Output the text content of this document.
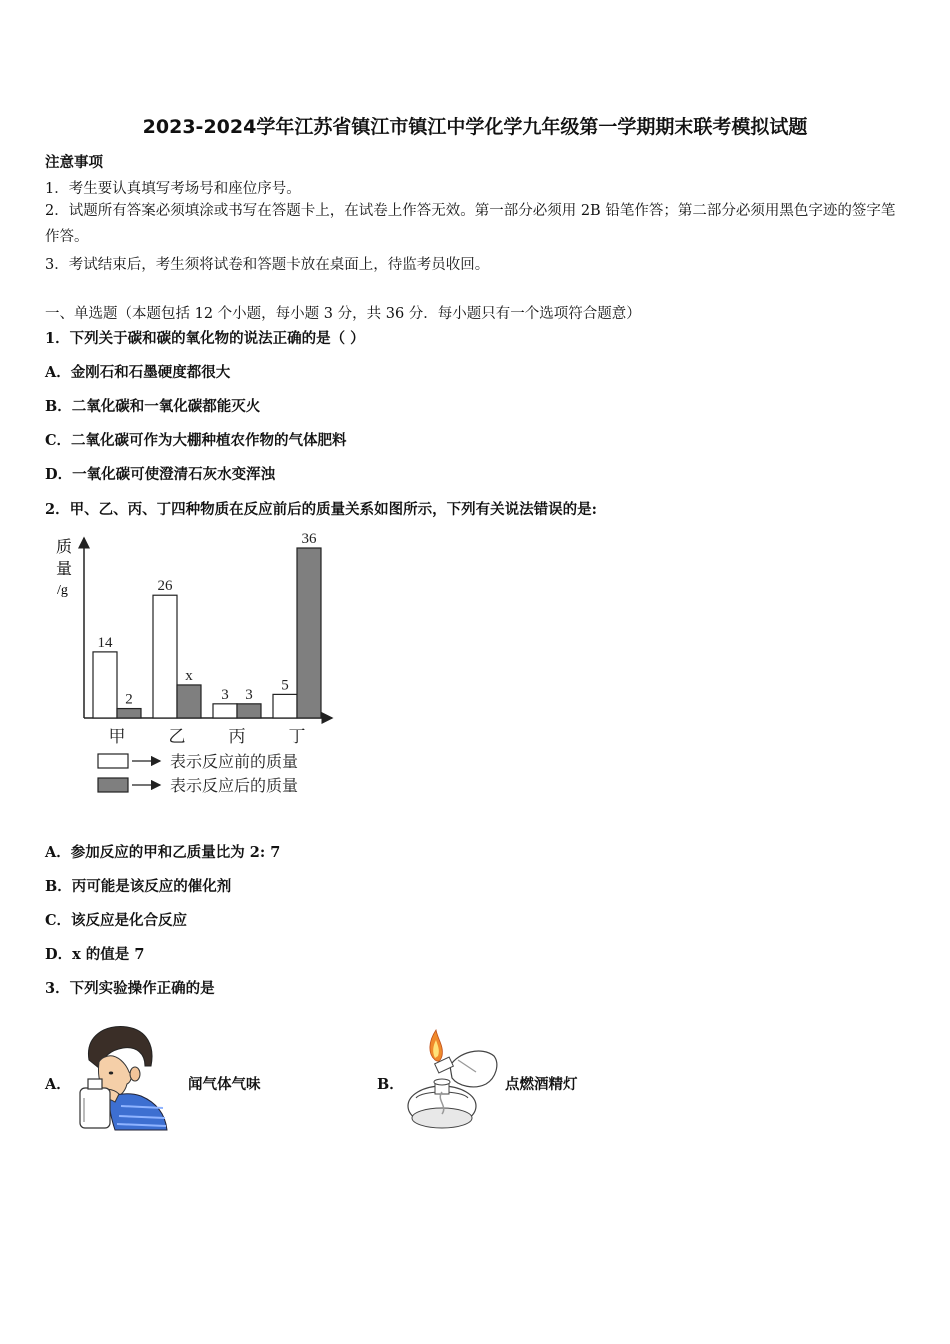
2023-2024学年江苏省镇江市镇江中学化学九年级第一学期期末联考模拟试题
注意事项
1．考生要认真填写考场号和座位序号。
2．试题所有答案必须填涂或书写在答题卡上，在试卷上作答无效。第一部分必须用 2B 铅笔作答；第二部分必须用黑色字迹的签字笔作答。
3．考试结束后，考生须将试卷和答题卡放在桌面上，待监考员收回。
一、单选题（本题包括 12 个小题，每小题 3 分，共 36 分．每小题只有一个选项符合题意）
1．下列关于碳和碳的氧化物的说法正确的是（ ）
A．金刚石和石墨硬度都很大
B．二氧化碳和一氧化碳都能灭火
C．二氧化碳可作为大棚种植农作物的气体肥料
D．一氧化碳可使澄清石灰水变浑浊
2．甲、乙、丙、丁四种物质在反应前后的质量关系如图所示，下列有关说法错误的是:
质
量
/g
14
2
26
x
3 3
5
36
甲	乙	丙	丁
表示反应前的质量
表示反应后的质量
A．参加反应的甲和乙质量比为 2: 7
B．丙可能是该反应的催化剂
C．该反应是化合反应
D．x 的值是 7
3．下列实验操作正确的是
A．	闻气体气味	B．	点燃酒精灯
